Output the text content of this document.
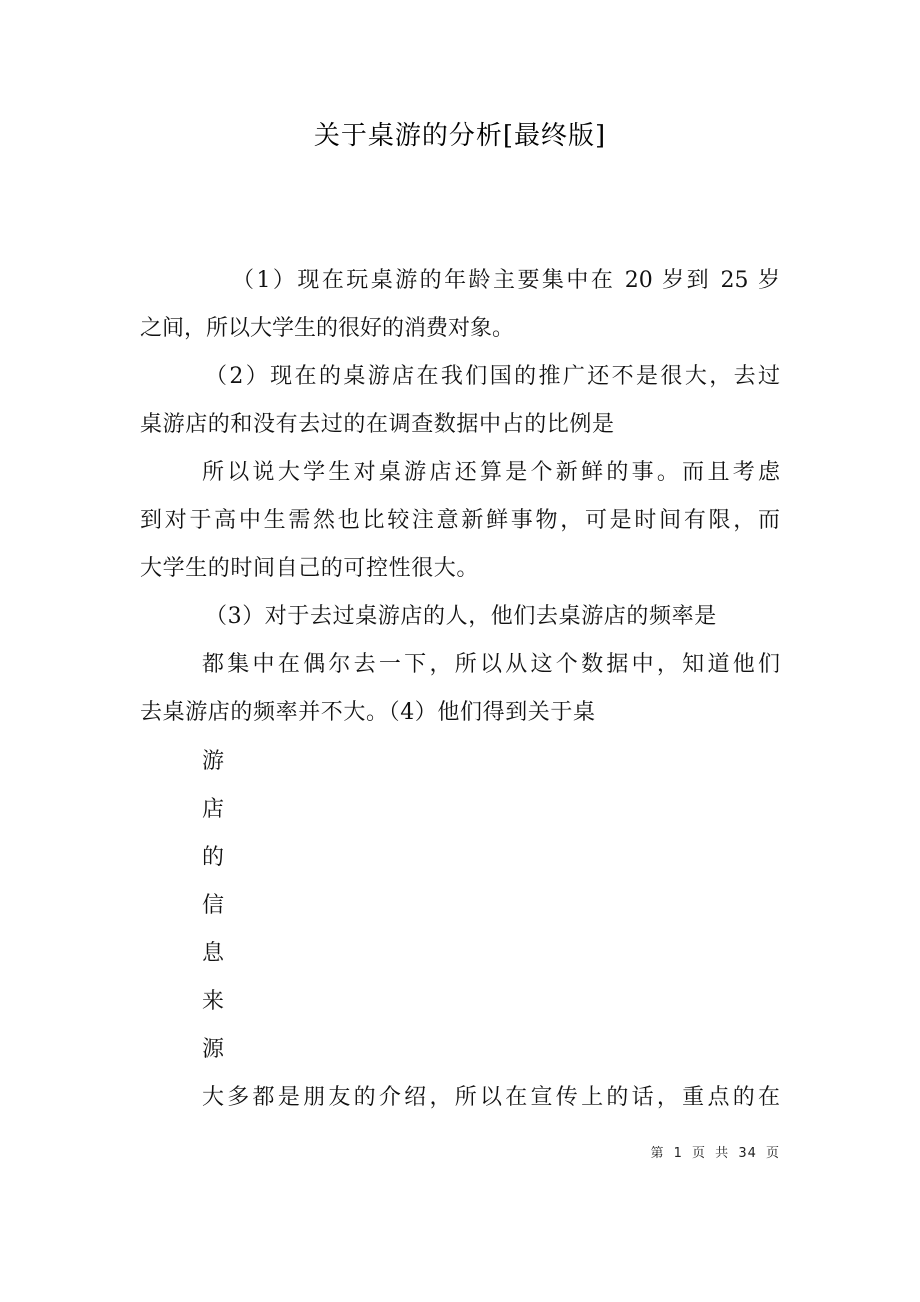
关于桌游的分析[最终版]
（1）现在玩桌游的年龄主要集中在 20 岁到 25 岁
之间，所以大学生的很好的消费对象。
（2）现在的桌游店在我们国的推广还不是很大，去过
桌游店的和没有去过的在调查数据中占的比例是
所以说大学生对桌游店还算是个新鲜的事。而且考虑
到对于高中生需然也比较注意新鲜事物，可是时间有限，而
大学生的时间自己的可控性很大。
（3）对于去过桌游店的人，他们去桌游店的频率是
都集中在偶尔去一下，所以从这个数据中，知道他们
去桌游店的频率并不大。（4）他们得到关于桌
游
店
的
信
息
来
源
大多都是朋友的介绍，所以在宣传上的话，重点的在
第 1 页 共 34 页
